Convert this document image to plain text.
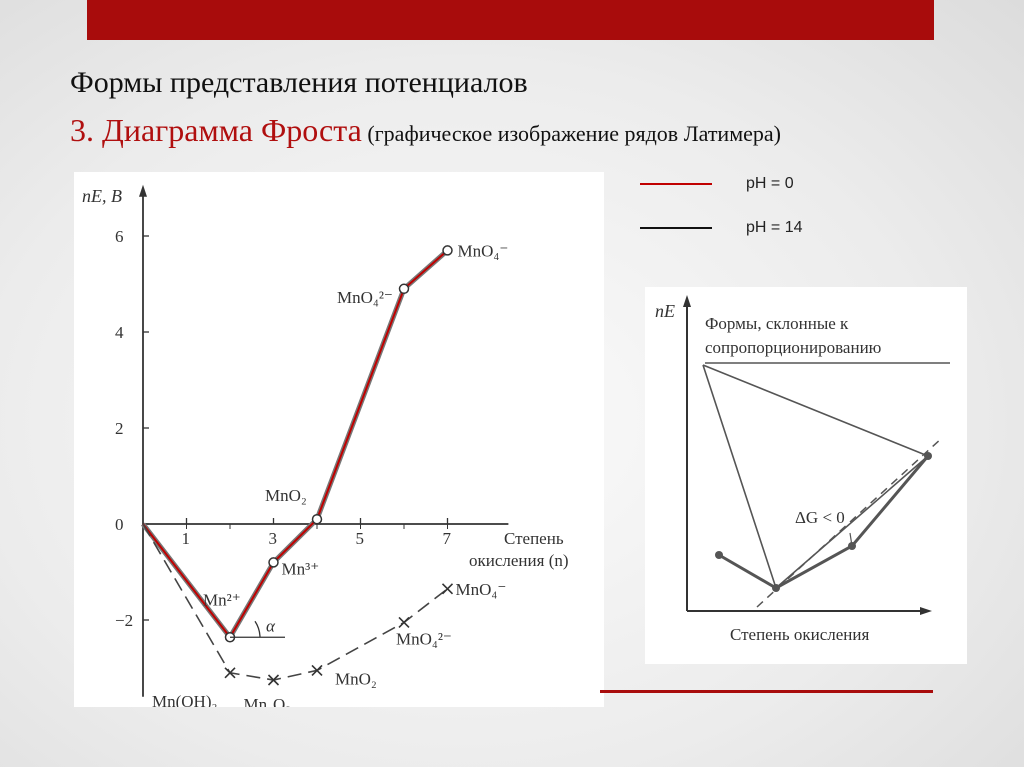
Формы представления потенциалов
3. Диаграмма Фроста (графическое изображение рядов Латимера)
pH = 0
pH = 14
nE, В
Степень
окисления (n)
1	3	5	7
6
4
2
0
−2
Mn²⁺
Mn³⁺
MnO₂
MnO₄²⁻
MnO₄⁻
Mn(OH)₂ Mn₂O₃
MnO₂
MnO₄²⁻
MnO₄⁻
α
nE
Формы, склонные к
сопропорционированию
ΔG < 0
Степень окисления
